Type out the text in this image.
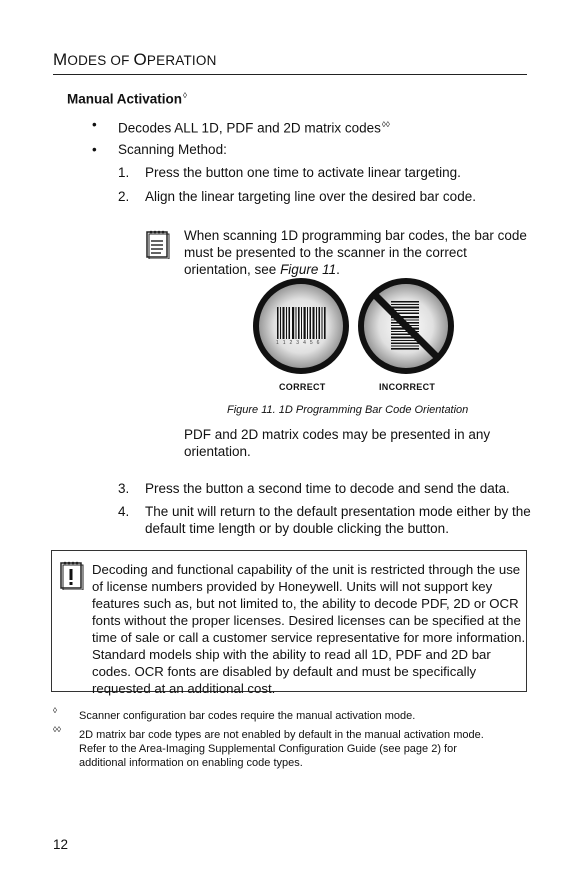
MODES OF OPERATION
Manual Activation◊
• Decodes ALL 1D, PDF and 2D matrix codes◊◊
• Scanning Method:
1. Press the button one time to activate linear targeting.
2. Align the linear targeting line over the desired bar code.
When scanning 1D programming bar codes, the bar code
must be presented to the scanner in the correct
orientation, see Figure 11.
1 1 2 3 4 5 6
CORRECT	INCORRECT
Figure 11. 1D Programming Bar Code Orientation
PDF and 2D matrix codes may be presented in any
orientation.
3. Press the button a second time to decode and send the data.
4. The unit will return to the default presentation mode either by the
default time length or by double clicking the button.
Decoding and functional capability of the unit is restricted through the use
of license numbers provided by Honeywell. Units will not support key
features such as, but not limited to, the ability to decode PDF, 2D or OCR
fonts without the proper licenses. Desired licenses can be specified at the
time of sale or call a customer service representative for more information.
Standard models ship with the ability to read all 1D, PDF and 2D bar
codes. OCR fonts are disabled by default and must be specifically
requested at an additional cost.
◊ Scanner configuration bar codes require the manual activation mode.
◊◊ 2D matrix bar code types are not enabled by default in the manual activation mode.
Refer to the Area-Imaging Supplemental Configuration Guide (see page 2) for
additional information on enabling code types.
12
